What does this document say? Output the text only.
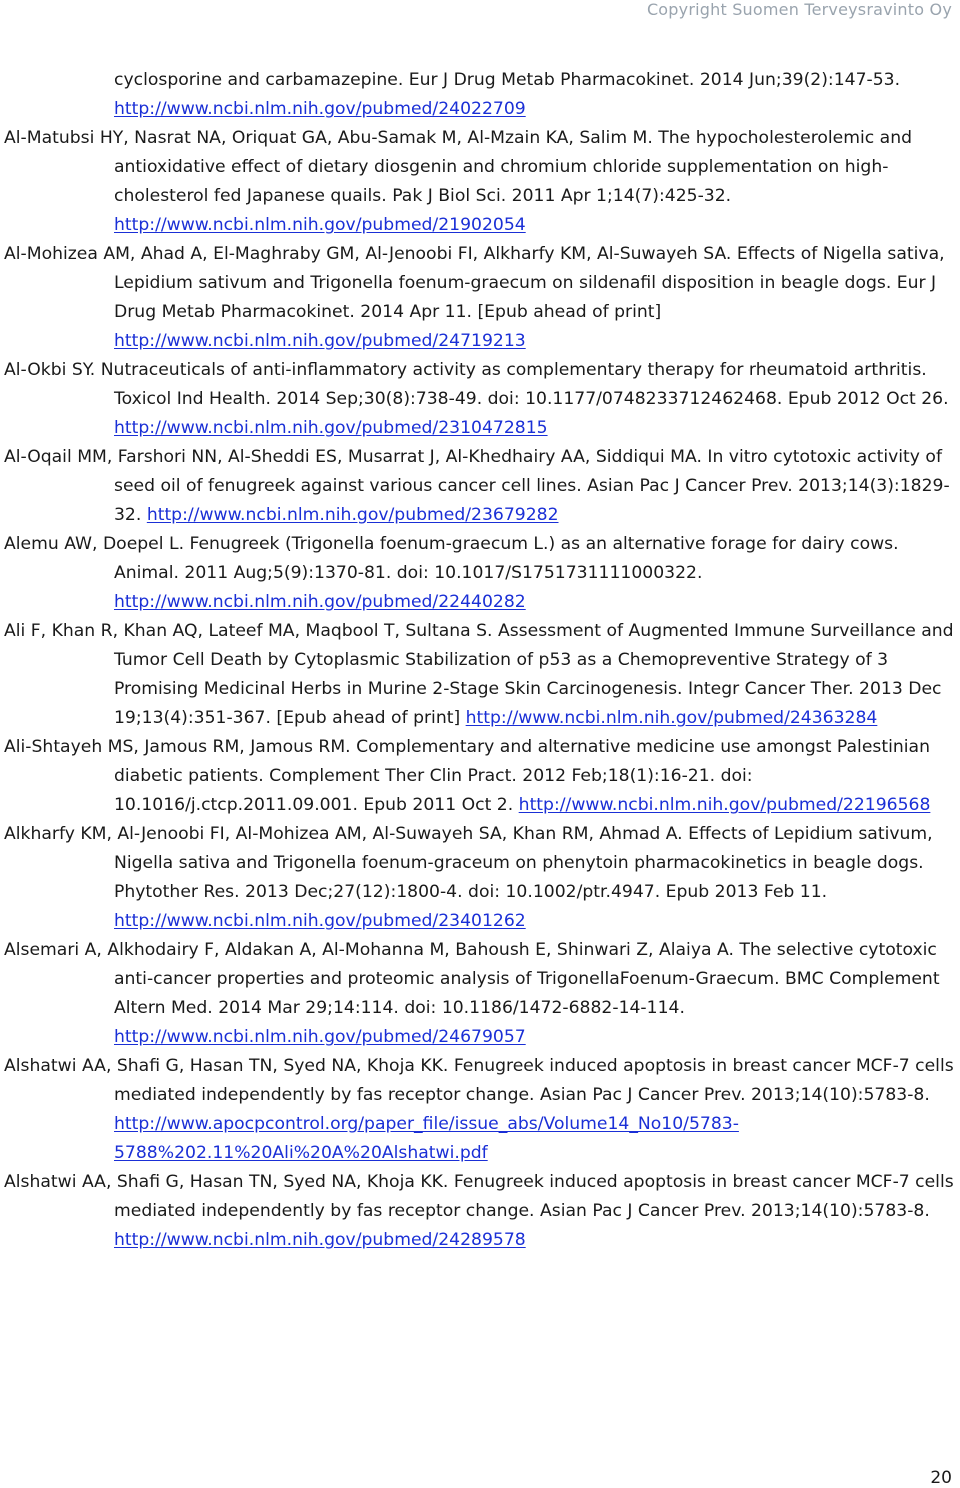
Copyright Suomen Terveysravinto Oy

cyclosporine and carbamazepine. Eur J Drug Metab Pharmacokinet. 2014 Jun;39(2):147-53. http://www.ncbi.nlm.nih.gov/pubmed/24022709

Al-Matubsi HY, Nasrat NA, Oriquat GA, Abu-Samak M, Al-Mzain KA, Salim M. The hypocholesterolemic and antioxidative effect of dietary diosgenin and chromium chloride supplementation on high-cholesterol fed Japanese quails. Pak J Biol Sci. 2011 Apr 1;14(7):425-32. http://www.ncbi.nlm.nih.gov/pubmed/21902054

Al-Mohizea AM, Ahad A, El-Maghraby GM, Al-Jenoobi FI, Alkharfy KM, Al-Suwayeh SA. Effects of Nigella sativa, Lepidium sativum and Trigonella foenum-graecum on sildenafil disposition in beagle dogs. Eur J Drug Metab Pharmacokinet. 2014 Apr 11. [Epub ahead of print] http://www.ncbi.nlm.nih.gov/pubmed/24719213

Al-Okbi SY. Nutraceuticals of anti-inflammatory activity as complementary therapy for rheumatoid arthritis. Toxicol Ind Health. 2014 Sep;30(8):738-49. doi: 10.1177/0748233712462468. Epub 2012 Oct 26. http://www.ncbi.nlm.nih.gov/pubmed/2310472815

Al-Oqail MM, Farshori NN, Al-Sheddi ES, Musarrat J, Al-Khedhairy AA, Siddiqui MA. In vitro cytotoxic activity of seed oil of fenugreek against various cancer cell lines. Asian Pac J Cancer Prev. 2013;14(3):1829-32. http://www.ncbi.nlm.nih.gov/pubmed/23679282

Alemu AW, Doepel L. Fenugreek (Trigonella foenum-graecum L.) as an alternative forage for dairy cows. Animal. 2011 Aug;5(9):1370-81. doi: 10.1017/S1751731111000322. http://www.ncbi.nlm.nih.gov/pubmed/22440282

Ali F, Khan R, Khan AQ, Lateef MA, Maqbool T, Sultana S. Assessment of Augmented Immune Surveillance and Tumor Cell Death by Cytoplasmic Stabilization of p53 as a Chemopreventive Strategy of 3 Promising Medicinal Herbs in Murine 2-Stage Skin Carcinogenesis. Integr Cancer Ther. 2013 Dec 19;13(4):351-367. [Epub ahead of print] http://www.ncbi.nlm.nih.gov/pubmed/24363284

Ali-Shtayeh MS, Jamous RM, Jamous RM. Complementary and alternative medicine use amongst Palestinian diabetic patients. Complement Ther Clin Pract. 2012 Feb;18(1):16-21. doi: 10.1016/j.ctcp.2011.09.001. Epub 2011 Oct 2. http://www.ncbi.nlm.nih.gov/pubmed/22196568

Alkharfy KM, Al-Jenoobi FI, Al-Mohizea AM, Al-Suwayeh SA, Khan RM, Ahmad A. Effects of Lepidium sativum, Nigella sativa and Trigonella foenum-graceum on phenytoin pharmacokinetics in beagle dogs. Phytother Res. 2013 Dec;27(12):1800-4. doi: 10.1002/ptr.4947. Epub 2013 Feb 11. http://www.ncbi.nlm.nih.gov/pubmed/23401262

Alsemari A, Alkhodairy F, Aldakan A, Al-Mohanna M, Bahoush E, Shinwari Z, Alaiya A. The selective cytotoxic anti-cancer properties and proteomic analysis of TrigonellaFoenum-Graecum. BMC Complement Altern Med. 2014 Mar 29;14:114. doi: 10.1186/1472-6882-14-114. http://www.ncbi.nlm.nih.gov/pubmed/24679057

Alshatwi AA, Shafi G, Hasan TN, Syed NA, Khoja KK. Fenugreek induced apoptosis in breast cancer MCF-7 cells mediated independently by fas receptor change. Asian Pac J Cancer Prev. 2013;14(10):5783-8. http://www.apocpcontrol.org/paper_file/issue_abs/Volume14_No10/5783-5788%202.11%20Ali%20A%20Alshatwi.pdf

Alshatwi AA, Shafi G, Hasan TN, Syed NA, Khoja KK. Fenugreek induced apoptosis in breast cancer MCF-7 cells mediated independently by fas receptor change. Asian Pac J Cancer Prev. 2013;14(10):5783-8. http://www.ncbi.nlm.nih.gov/pubmed/24289578

20
